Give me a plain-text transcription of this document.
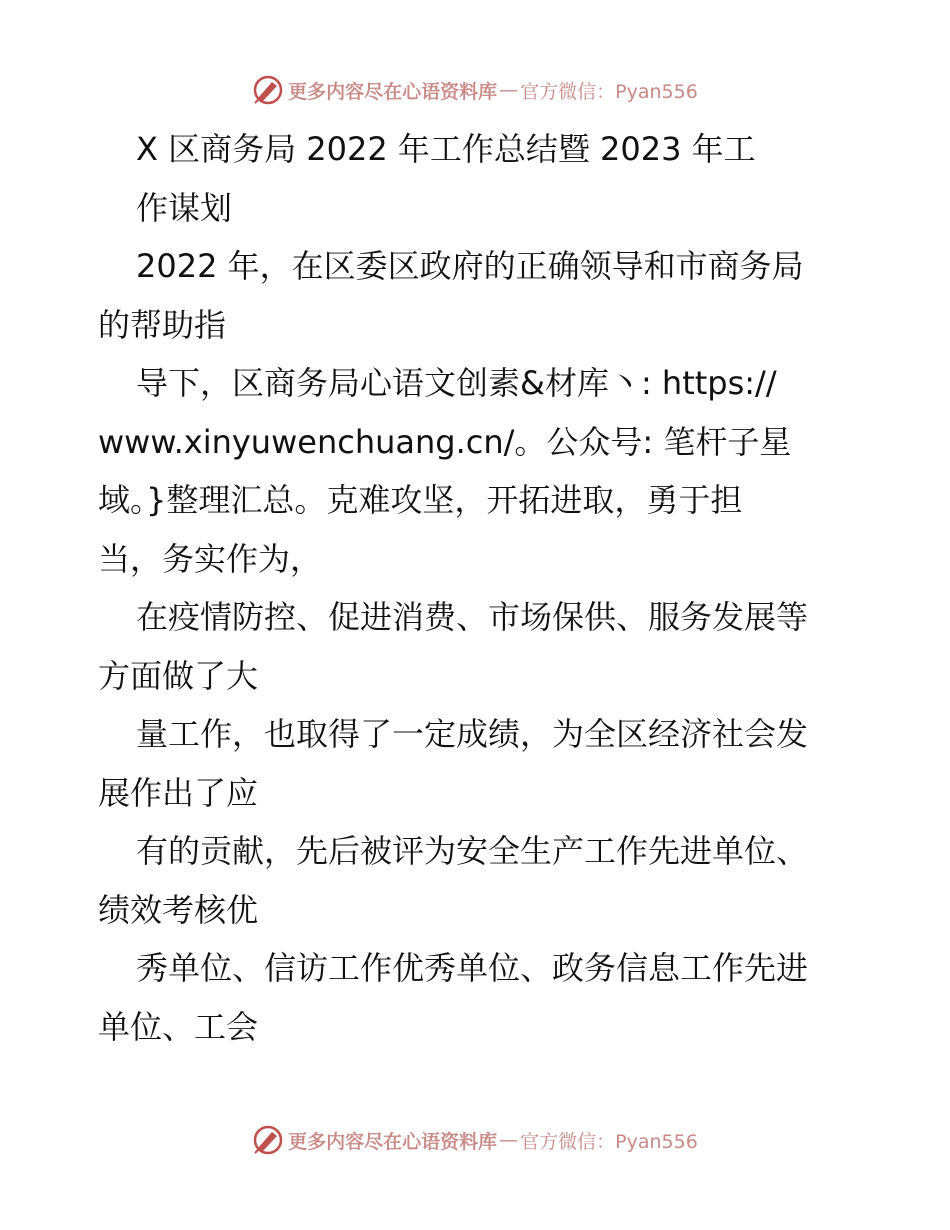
更多内容尽在心语资料库 — 官方微信：Pyan556
X 区商务局 2022 年工作总结暨 2023 年工
作谋划
2022 年，在区委区政府的正确领导和市商务局
的帮助指
导下，区商务局心语文创素&材库丶: https://
www.xinyuwenchuang.cn/。公众号: 笔杆子星
域。}整理汇总。克难攻坚，开拓进取，勇于担
当，务实作为，
在疫情防控、促进消费、市场保供、服务发展等
方面做了大
量工作，也取得了一定成绩，为全区经济社会发
展作出了应
有的贡献，先后被评为安全生产工作先进单位、
绩效考核优
秀单位、信访工作优秀单位、政务信息工作先进
单位、工会
更多内容尽在心语资料库 — 官方微信：Pyan556
